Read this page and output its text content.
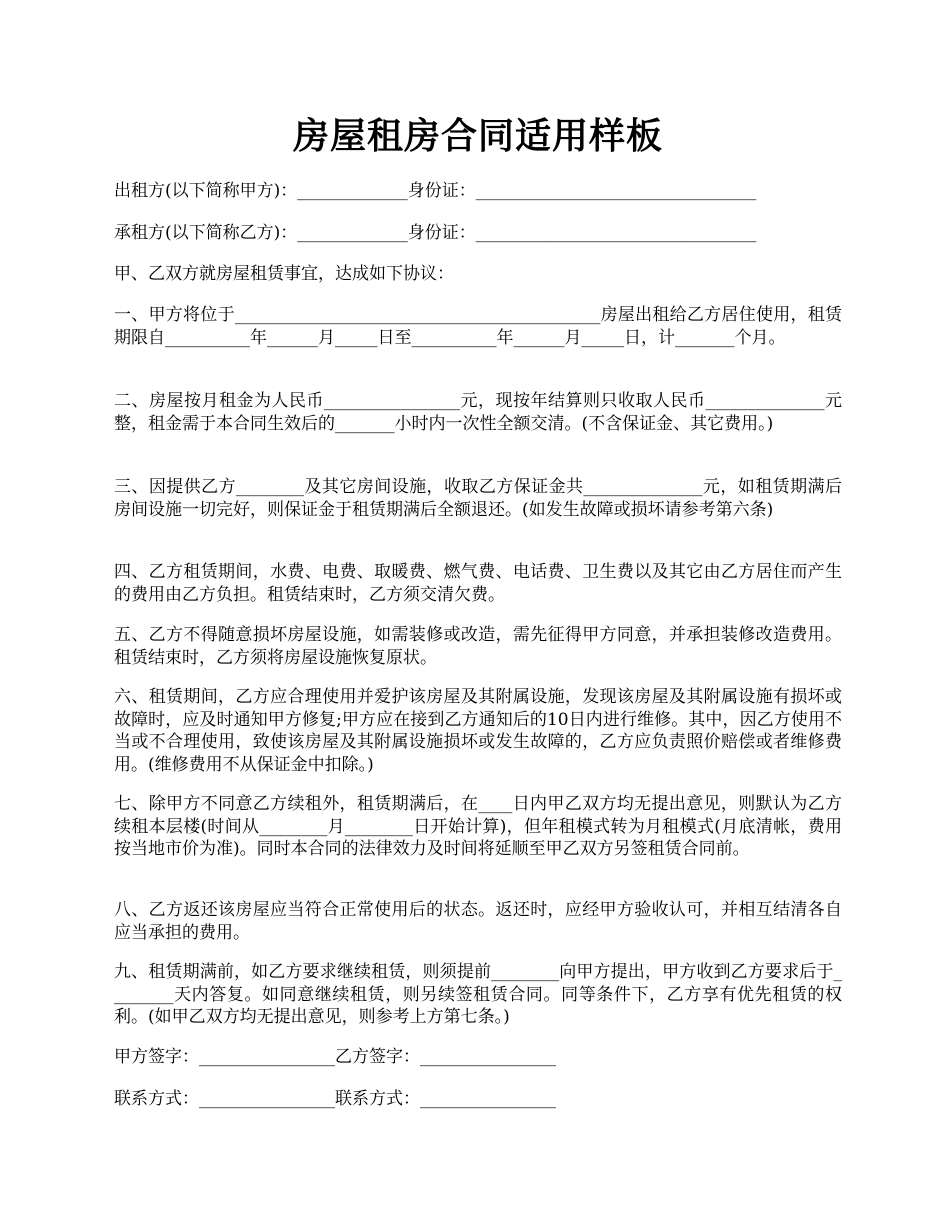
房屋租房合同适用样板

出租方(以下简称甲方)：_____________身份证：_________________________________

承租方(以下简称乙方)：_____________身份证：_________________________________

甲、乙双方就房屋租赁事宜，达成如下协议：

一、甲方将位于___________________________________________房屋出租给乙方居住使用，租赁期限自__________年______月_____日至__________年______月_____日，计_______个月。

二、房屋按月租金为人民币________________元，现按年结算则只收取人民币______________元整，租金需于本合同生效后的_______小时内一次性全额交清。(不含保证金、其它费用。)

三、因提供乙方________及其它房间设施，收取乙方保证金共______________元，如租赁期满后房间设施一切完好，则保证金于租赁期满后全额退还。(如发生故障或损坏请参考第六条)

四、乙方租赁期间，水费、电费、取暖费、燃气费、电话费、卫生费以及其它由乙方居住而产生的费用由乙方负担。租赁结束时，乙方须交清欠费。

五、乙方不得随意损坏房屋设施，如需装修或改造，需先征得甲方同意，并承担装修改造费用。租赁结束时，乙方须将房屋设施恢复原状。

六、租赁期间，乙方应合理使用并爱护该房屋及其附属设施，发现该房屋及其附属设施有损坏或故障时，应及时通知甲方修复;甲方应在接到乙方通知后的10日内进行维修。其中，因乙方使用不当或不合理使用，致使该房屋及其附属设施损坏或发生故障的，乙方应负责照价赔偿或者维修费用。(维修费用不从保证金中扣除。)

七、除甲方不同意乙方续租外，租赁期满后，在____日内甲乙双方均无提出意见，则默认为乙方续租本层楼(时间从________月________日开始计算)，但年租模式转为月租模式(月底清帐，费用按当地市价为准)。同时本合同的法律效力及时间将延顺至甲乙双方另签租赁合同前。

八、乙方返还该房屋应当符合正常使用后的状态。返还时，应经甲方验收认可，并相互结清各自应当承担的费用。

九、租赁期满前，如乙方要求继续租赁，则须提前________向甲方提出，甲方收到乙方要求后于________天内答复。如同意继续租赁，则另续签租赁合同。同等条件下，乙方享有优先租赁的权利。(如甲乙双方均无提出意见，则参考上方第七条。)

甲方签字：________________乙方签字：________________

联系方式：________________联系方式：________________
